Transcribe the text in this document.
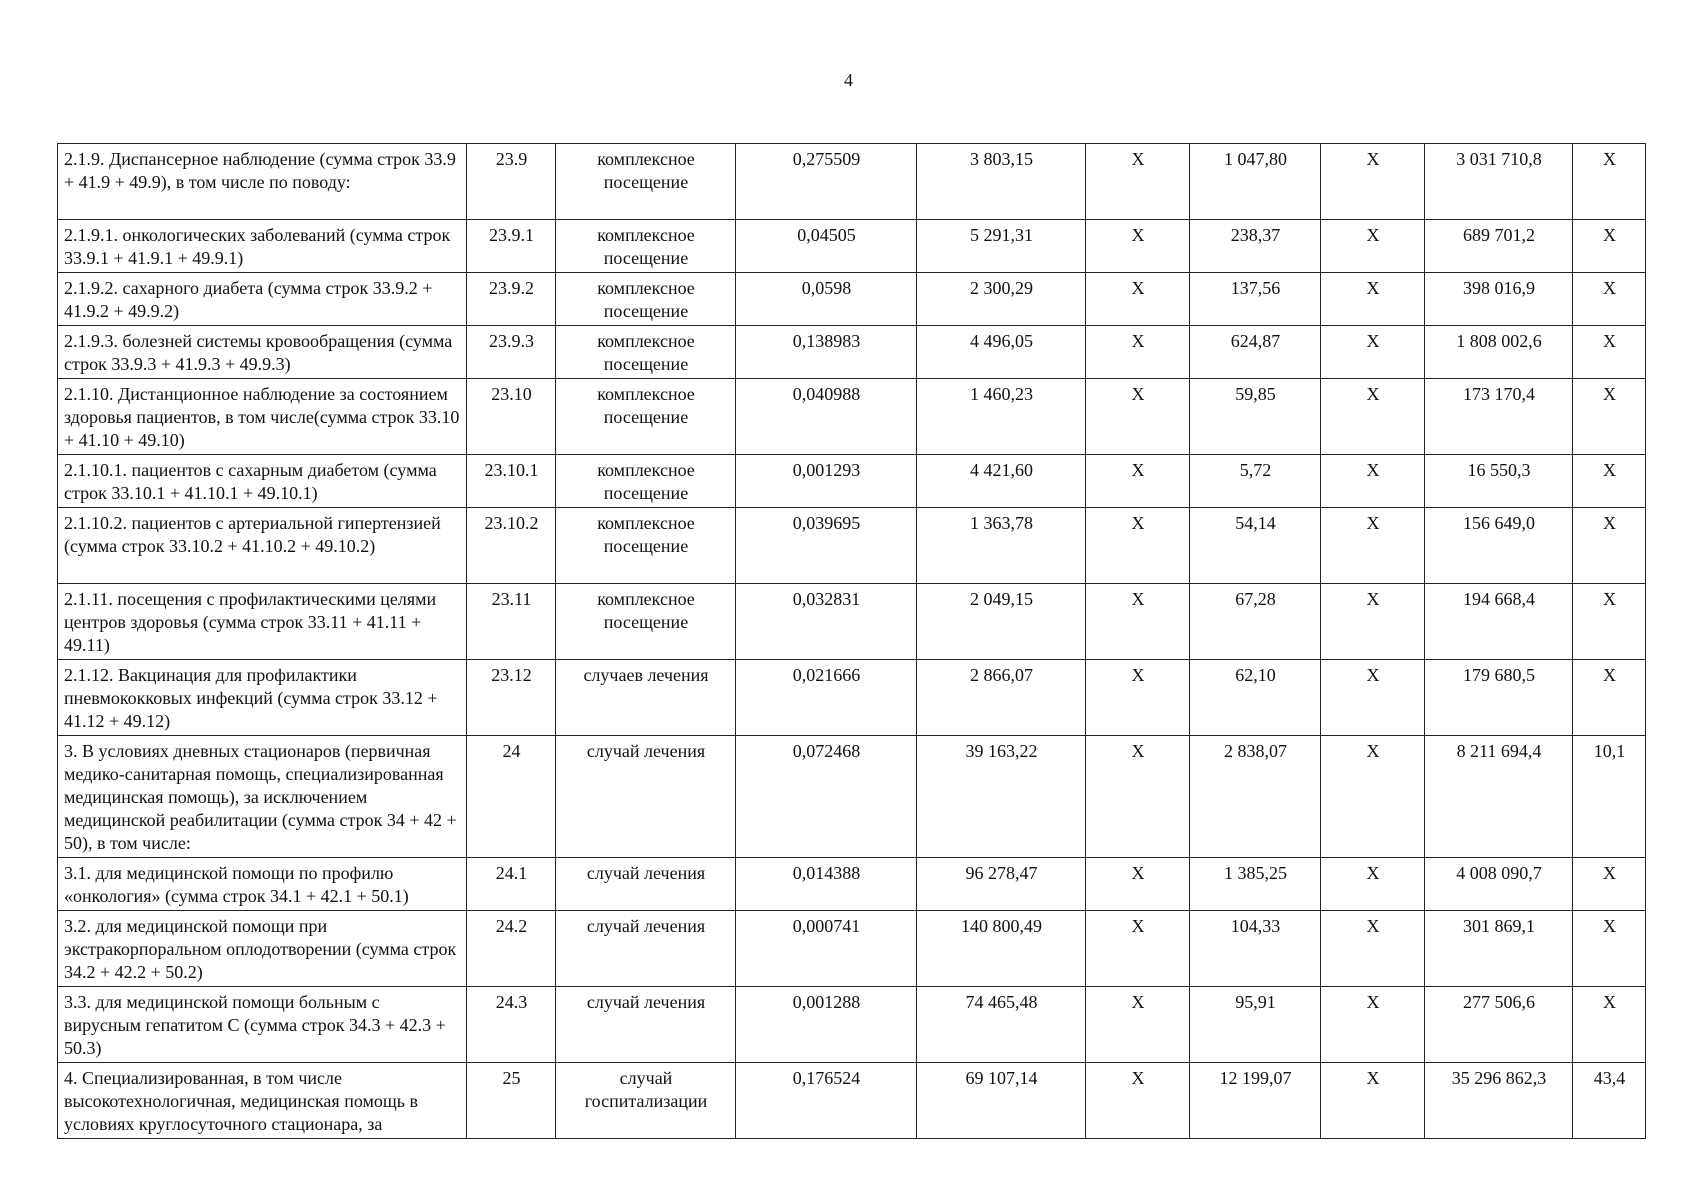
4
2.1.9. Диспансерное наблюдение (сумма строк 33.9 + 41.9 + 49.9), в том числе по поводу:	23.9	комплексное посещение	0,275509	3 803,15	Х	1 047,80	Х	3 031 710,8	Х
2.1.9.1. онкологических заболеваний (сумма строк 33.9.1 + 41.9.1 + 49.9.1)	23.9.1	комплексное посещение	0,04505	5 291,31	Х	238,37	Х	689 701,2	Х
2.1.9.2. сахарного диабета (сумма строк 33.9.2 + 41.9.2 + 49.9.2)	23.9.2	комплексное посещение	0,0598	2 300,29	Х	137,56	Х	398 016,9	Х
2.1.9.3. болезней системы кровообращения (сумма строк 33.9.3 + 41.9.3 + 49.9.3)	23.9.3	комплексное посещение	0,138983	4 496,05	Х	624,87	Х	1 808 002,6	Х
2.1.10. Дистанционное наблюдение за состоянием здоровья пациентов, в том числе(сумма строк 33.10 + 41.10 + 49.10)	23.10	комплексное посещение	0,040988	1 460,23	Х	59,85	Х	173 170,4	Х
2.1.10.1. пациентов с сахарным диабетом (сумма строк 33.10.1 + 41.10.1 + 49.10.1)	23.10.1	комплексное посещение	0,001293	4 421,60	Х	5,72	Х	16 550,3	Х
2.1.10.2. пациентов с артериальной гипертензией (сумма строк 33.10.2 + 41.10.2 + 49.10.2)	23.10.2	комплексное посещение	0,039695	1 363,78	Х	54,14	Х	156 649,0	Х
2.1.11. посещения с профилактическими целями центров здоровья (сумма строк 33.11 + 41.11 + 49.11)	23.11	комплексное посещение	0,032831	2 049,15	Х	67,28	Х	194 668,4	Х
2.1.12. Вакцинация для профилактики пневмококковых инфекций (сумма строк 33.12 + 41.12 + 49.12)	23.12	случаев лечения	0,021666	2 866,07	Х	62,10	Х	179 680,5	Х
3. В условиях дневных стационаров (первичная медико-санитарная помощь, специализированная медицинская помощь), за исключением медицинской реабилитации (сумма строк 34 + 42 + 50), в том числе:	24	случай лечения	0,072468	39 163,22	Х	2 838,07	Х	8 211 694,4	10,1
3.1. для медицинской помощи по профилю «онкология» (сумма строк 34.1 + 42.1 + 50.1)	24.1	случай лечения	0,014388	96 278,47	Х	1 385,25	Х	4 008 090,7	Х
3.2. для медицинской помощи при экстракорпоральном оплодотворении (сумма строк 34.2 + 42.2 + 50.2)	24.2	случай лечения	0,000741	140 800,49	Х	104,33	Х	301 869,1	Х
3.3. для медицинской помощи больным с вирусным гепатитом С (сумма строк 34.3 + 42.3 + 50.3)	24.3	случай лечения	0,001288	74 465,48	Х	95,91	Х	277 506,6	Х
4. Специализированная, в том числе высокотехнологичная, медицинская помощь в условиях круглосуточного стационара, за	25	случай госпитализации	0,176524	69 107,14	Х	12 199,07	Х	35 296 862,3	43,4
